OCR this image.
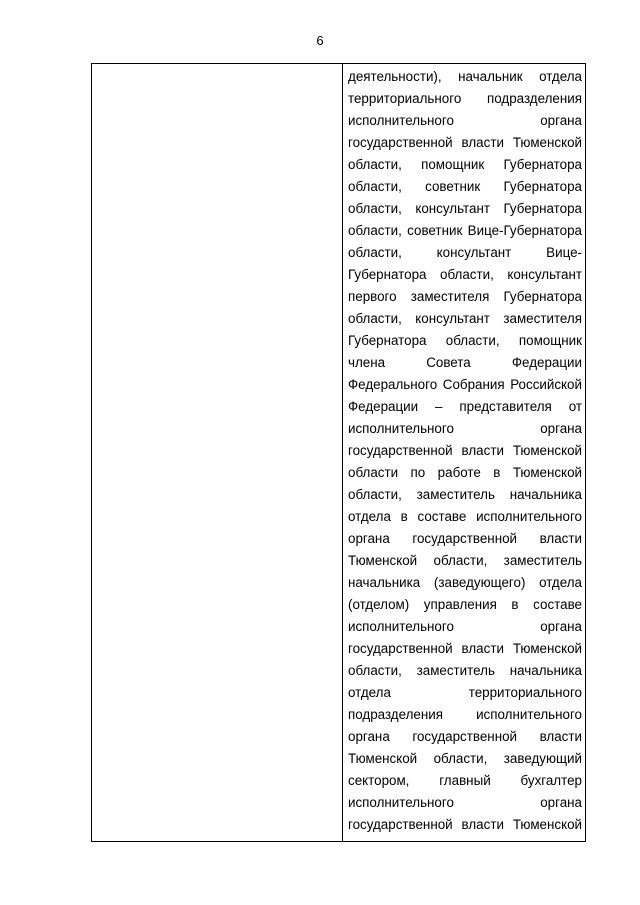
6
деятельности), начальник отдела
территориального подразделения
исполнительного органа
государственной власти Тюменской
области, помощник Губернатора
области, советник Губернатора
области, консультант Губернатора
области, советник Вице-Губернатора
области, консультант Вице-
Губернатора области, консультант
первого заместителя Губернатора
области, консультант заместителя
Губернатора области, помощник
члена Совета Федерации
Федерального Собрания Российской
Федерации – представителя от
исполнительного органа
государственной власти Тюменской
области по работе в Тюменской
области, заместитель начальника
отдела в составе исполнительного
органа государственной власти
Тюменской области, заместитель
начальника (заведующего) отдела
(отделом) управления в составе
исполнительного органа
государственной власти Тюменской
области, заместитель начальника
отдела территориального
подразделения исполнительного
органа государственной власти
Тюменской области, заведующий
сектором, главный бухгалтер
исполнительного органа
государственной власти Тюменской
